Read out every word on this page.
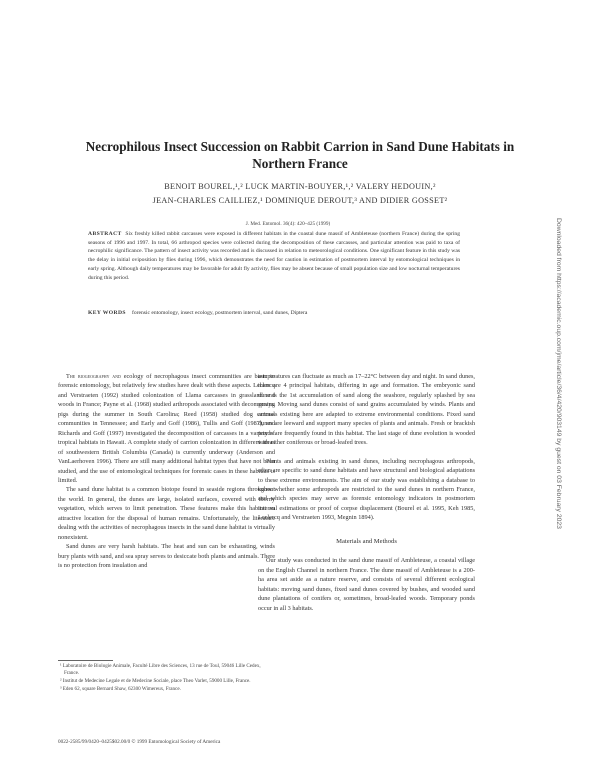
Necrophilous Insect Succession on Rabbit Carrion in Sand Dune Habitats in Northern France
BENOIT BOUREL,¹,² LUCK MARTIN-BOUYER,¹,² VALERY HEDOUIN,²
JEAN-CHARLES CAILLIEZ,¹ DOMINIQUE DEROUT,³ AND DIDIER GOSSET²
J. Med. Entomol. 36(4): 420–425 (1999)
ABSTRACT Six freshly killed rabbit carcasses were exposed in different habitats in the coastal dune massif of Ambleteuse (northern France) during the spring seasons of 1996 and 1997. In total, 66 arthropod species were collected during the decomposition of these carcasses, and particular attention was paid to taxa of necrophilic significance. The pattern of insect activity was recorded and is discussed in relation to meteorological conditions. One significant feature in this study was the delay in initial oviposition by flies during 1996, which demonstrates the need for caution in estimation of postmortem interval by entomological techniques in early spring. Although daily temperatures may be favorable for adult fly activity, flies may be absent because of small population size and low nocturnal temperatures during this period.
KEY WORDS forensic entomology, insect ecology, postmortem interval, sand dunes, Diptera	Downloaded from https://academic.oup.com/jme/article/36/4/420/903149 by guest on 03 February 2023

The biogeography and ecology of necrophagous insect communities are basic to forensic entomology, but relatively few studies have dealt with these aspects. Leclercq and Verstraeten (1992) studied colonization of Llama carcasses in grassland and woods in France; Payne et al. (1968) studied arthropods associated with decomposing pigs during the summer in South Carolina; Reed (1958) studied dog carcass communities in Tennessee; and Early and Goff (1986), Tullis and Goff (1987), and Richards and Goff (1997) investigated the decomposition of carcasses in a variety of tropical habitats in Hawaii. A complete study of carrion colonization in different areas of southwestern British Columbia (Canada) is currently underway (Anderson and VanLaerhoven 1996). There are still many additional habitat types that have not been studied, and the use of entomological techniques for forensic cases in these habitats is limited.

The sand dune habitat is a common biotope found in seaside regions throughout the world. In general, the dunes are large, isolated surfaces, covered with thorny vegetation, which serves to limit penetration. These features make this habitat an attractive location for the disposal of human remains. Unfortunately, the literature dealing with the activities of necrophagous insects in the sand dune habitat is virtually nonexistent.

Sand dunes are very harsh habitats. The heat and sun can be exhausting, winds bury plants with sand, and sea spray serves to desiccate both plants and animals. There is no protection from insulation and

temperatures can fluctuate as much as 17–22°C between day and night. In sand dunes, there are 4 principal habitats, differing in age and formation. The embryonic sand dune is the 1st accumulation of sand along the seashore, regularly splashed by sea sprays. Moving sand dunes consist of sand grains accumulated by winds. Plants and animals existing here are adapted to extreme environmental conditions. Fixed sand dunes are leeward and support many species of plants and animals. Fresh or brackish ponds are frequently found in this habitat. The last stage of dune evolution is wooded with either coniferous or broad-leafed trees.

Plants and animals existing in sand dunes, including necrophagous arthropods, often are specific to sand dune habitats and have structural and biological adaptations to these extreme environments. The aim of our study was establishing a database to know whether some arthropods are restricted to the sand dunes in northern France, and which species may serve as forensic entomology indicators in postmortem interval estimations or proof of corpse displacement (Bourel et al. 1995, Keh 1985, Leclercq and Verstraeten 1993, Megnin 1894).

Materials and Methods

Our study was conducted in the sand dune massif of Ambleteuse, a coastal village on the English Channel in northern France. The dune massif of Ambleteuse is a 200-ha area set aside as a nature reserve, and consists of several different ecological habitats: moving sand dunes, fixed sand dunes covered by bushes, and wooded sand dune plantations of conifers or, sometimes, broad-leafed woods. Temporary ponds occur in all 3 habitats.

¹ Laboratoire de Biologie Animale, Faculté Libre des Sciences, 13 rue de Toul, 59046 Lille Cedex, France.
² Institut de Medecine Legale et de Medecine Sociale, place Theo Varlet, 59000 Lille, France.
³ Eden 62, square Bernard Shaw, 62300 Wimereux, France.
0022-2585/99/0420–0425$02.00/0 © 1999 Entomological Society of America
